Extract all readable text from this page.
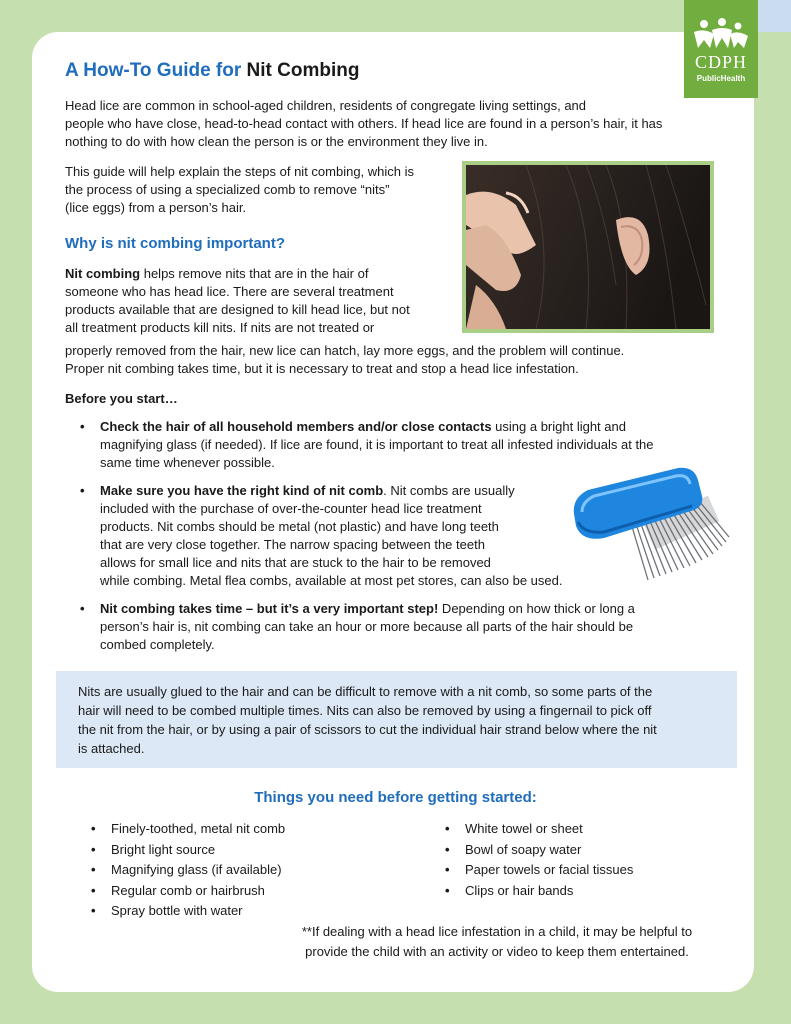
CDPH
PublicHealth
A How-To Guide for Nit Combing
Head lice are common in school-aged children, residents of congregate living settings, and
people who have close, head-to-head contact with others. If head lice are found in a person’s hair, it has
nothing to do with how clean the person is or the environment they live in.
This guide will help explain the steps of nit combing, which is
the process of using a specialized comb to remove “nits”
(lice eggs) from a person’s hair.
Why is nit combing important?
Nit combing helps remove nits that are in the hair of
someone who has head lice. There are several treatment
products available that are designed to kill head lice, but not
all treatment products kill nits. If nits are not treated or
properly removed from the hair, new lice can hatch, lay more eggs, and the problem will continue.
Proper nit combing takes time, but it is necessary to treat and stop a head lice infestation.
Before you start…
• Check the hair of all household members and/or close contacts using a bright light and
magnifying glass (if needed). If lice are found, it is important to treat all infested individuals at the
same time whenever possible.
• Make sure you have the right kind of nit comb. Nit combs are usually
included with the purchase of over-the-counter head lice treatment
products. Nit combs should be metal (not plastic) and have long teeth
that are very close together. The narrow spacing between the teeth
allows for small lice and nits that are stuck to the hair to be removed
while combing. Metal flea combs, available at most pet stores, can also be used.
• Nit combing takes time – but it’s a very important step! Depending on how thick or long a
person’s hair is, nit combing can take an hour or more because all parts of the hair should be
combed completely.
Nits are usually glued to the hair and can be difficult to remove with a nit comb, so some parts of the
hair will need to be combed multiple times. Nits can also be removed by using a fingernail to pick off
the nit from the hair, or by using a pair of scissors to cut the individual hair strand below where the nit
is attached.
Things you need before getting started:
• Finely-toothed, metal nit comb
• Bright light source
• Magnifying glass (if available)
• Regular comb or hairbrush
• Spray bottle with water
• White towel or sheet
• Bowl of soapy water
• Paper towels or facial tissues
• Clips or hair bands
**If dealing with a head lice infestation in a child, it may be helpful to
provide the child with an activity or video to keep them entertained.
